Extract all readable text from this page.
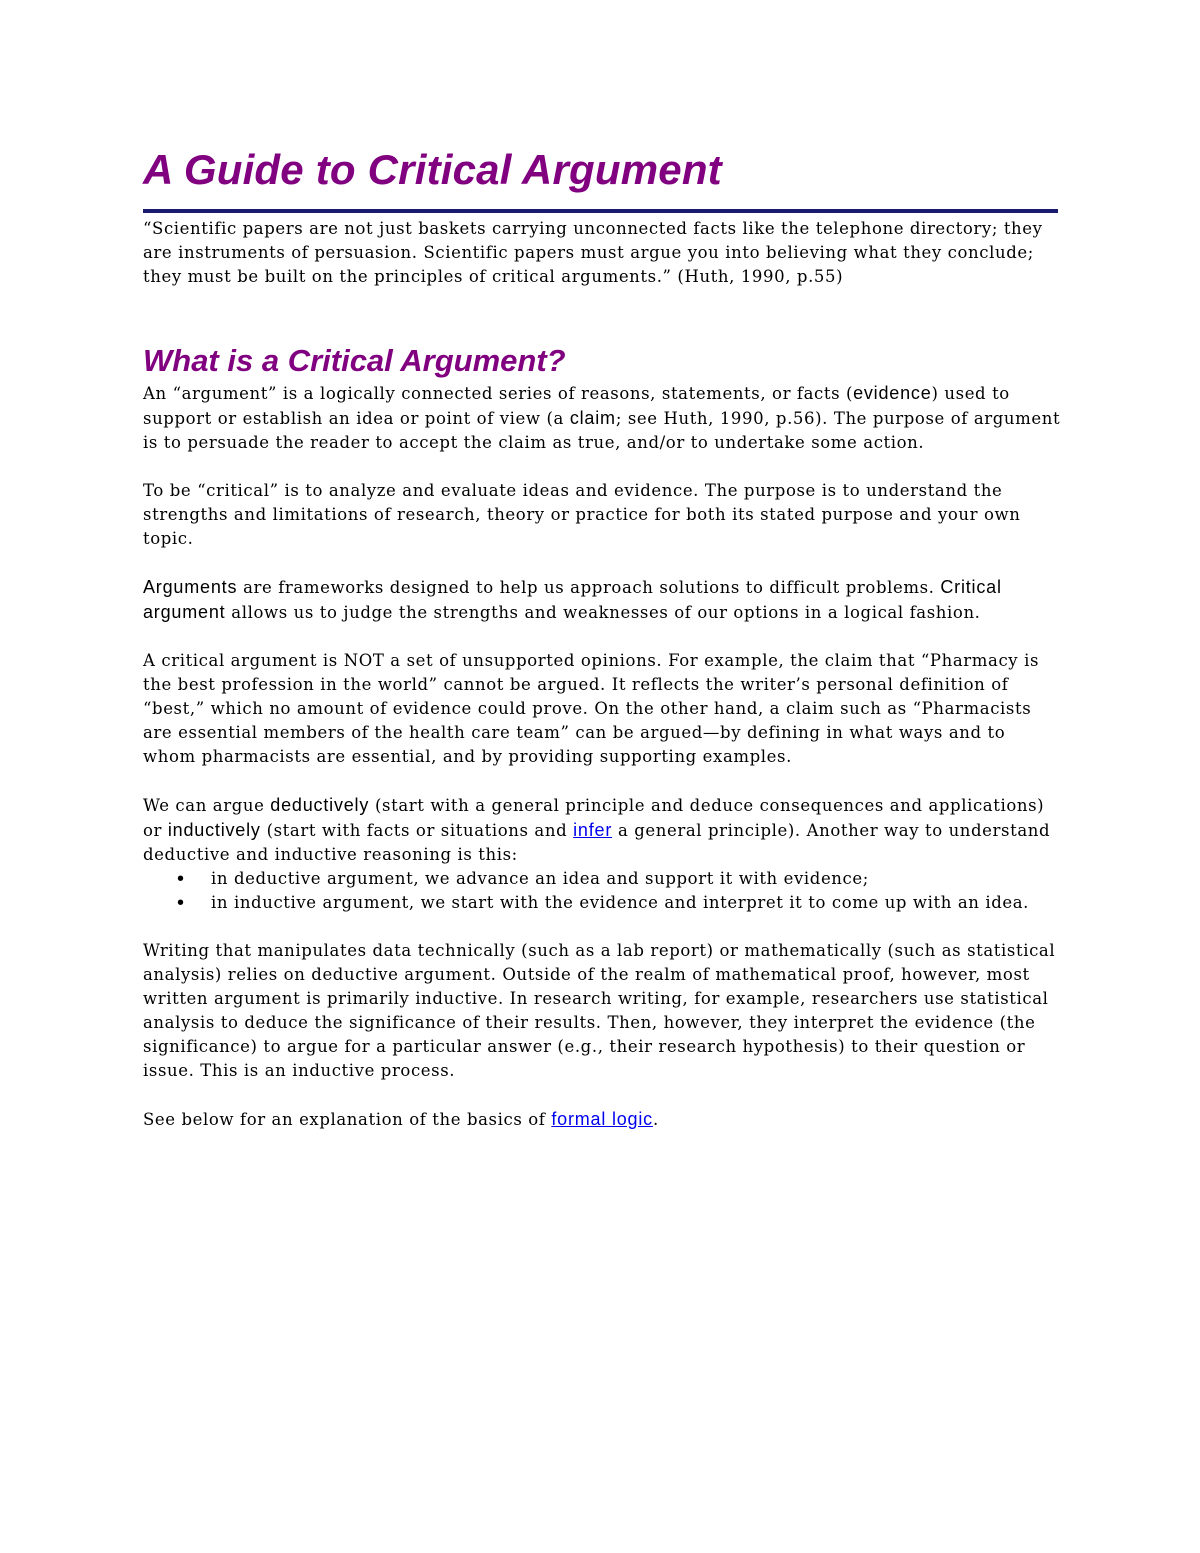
A Guide to Critical Argument

“Scientific papers are not just baskets carrying unconnected facts like the telephone directory; they are instruments of persuasion. Scientific papers must argue you into believing what they conclude; they must be built on the principles of critical arguments.” (Huth, 1990, p.55)

What is a Critical Argument?

An “argument” is a logically connected series of reasons, statements, or facts (evidence) used to support or establish an idea or point of view (a claim; see Huth, 1990, p.56). The purpose of argument is to persuade the reader to accept the claim as true, and/or to undertake some action.

To be “critical” is to analyze and evaluate ideas and evidence. The purpose is to understand the strengths and limitations of research, theory or practice for both its stated purpose and your own topic.

Arguments are frameworks designed to help us approach solutions to difficult problems. Critical argument allows us to judge the strengths and weaknesses of our options in a logical fashion.

A critical argument is NOT a set of unsupported opinions. For example, the claim that “Pharmacy is the best profession in the world” cannot be argued. It reflects the writer’s personal definition of “best,” which no amount of evidence could prove. On the other hand, a claim such as “Pharmacists are essential members of the health care team” can be argued—by defining in what ways and to whom pharmacists are essential, and by providing supporting examples.

We can argue deductively (start with a general principle and deduce consequences and applications) or inductively (start with facts or situations and infer a general principle). Another way to understand deductive and inductive reasoning is this:

• in deductive argument, we advance an idea and support it with evidence;
• in inductive argument, we start with the evidence and interpret it to come up with an idea.

Writing that manipulates data technically (such as a lab report) or mathematically (such as statistical analysis) relies on deductive argument. Outside of the realm of mathematical proof, however, most written argument is primarily inductive. In research writing, for example, researchers use statistical analysis to deduce the significance of their results. Then, however, they interpret the evidence (the significance) to argue for a particular answer (e.g., their research hypothesis) to their question or issue. This is an inductive process.

See below for an explanation of the basics of formal logic.
